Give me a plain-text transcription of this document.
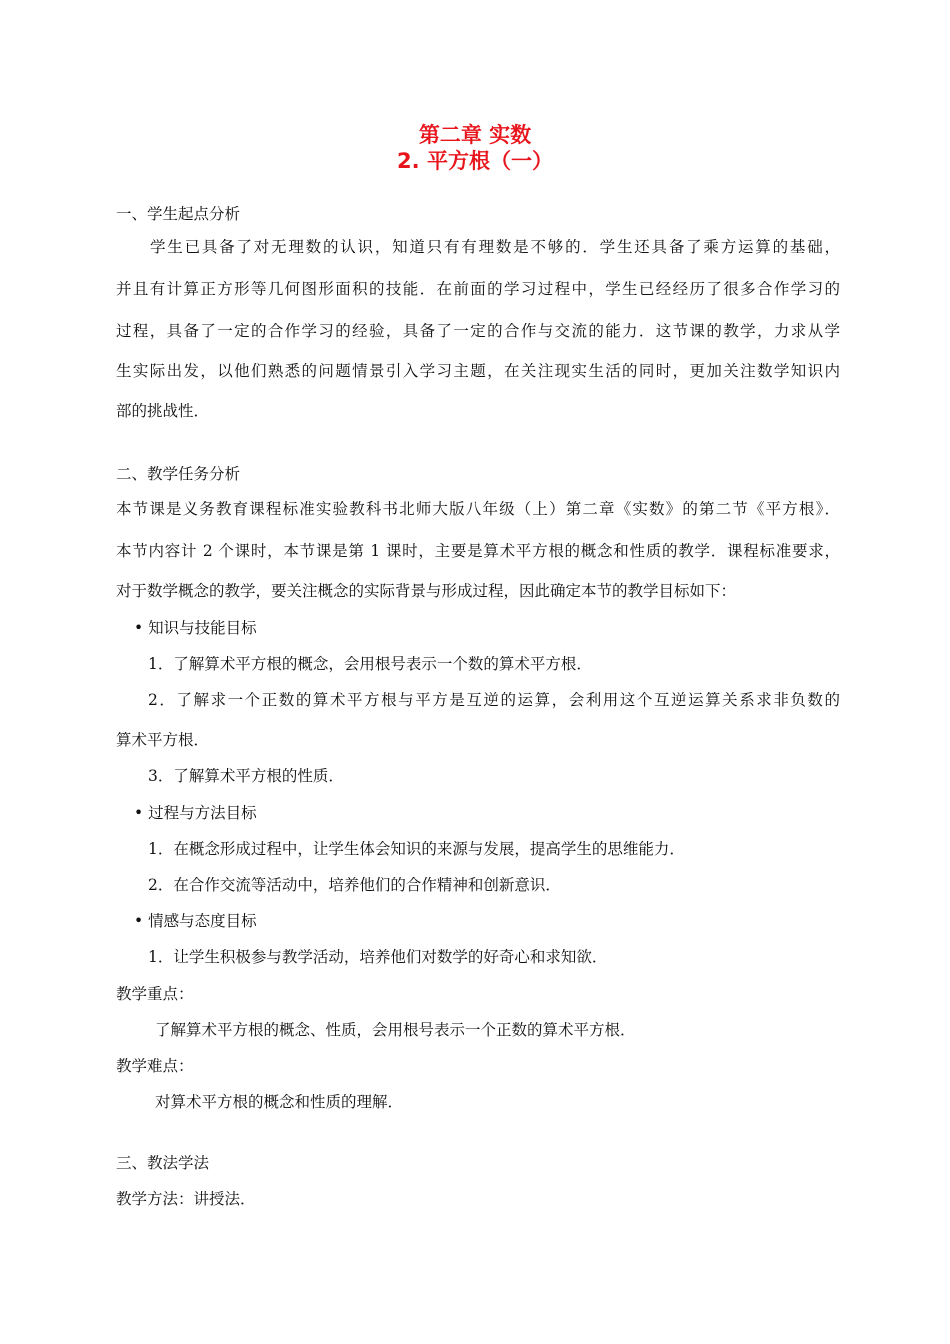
第二章 实数
2. 平方根（一）
一、学生起点分析
学生已具备了对无理数的认识，知道只有有理数是不够的．学生还具备了乘方运算的基础，
并且有计算正方形等几何图形面积的技能．在前面的学习过程中，学生已经经历了很多合作学习的
过程，具备了一定的合作学习的经验，具备了一定的合作与交流的能力．这节课的教学，力求从学
生实际出发，以他们熟悉的问题情景引入学习主题，在关注现实生活的同时，更加关注数学知识内
部的挑战性．
二、教学任务分析
本节课是义务教育课程标准实验教科书北师大版八年级（上）第二章《实数》的第二节《平方根》．
本节内容计 2 个课时，本节课是第 1 课时，主要是算术平方根的概念和性质的教学．课程标准要求，
对于数学概念的教学，要关注概念的实际背景与形成过程，因此确定本节的教学目标如下：
• 知识与技能目标
1．了解算术平方根的概念，会用根号表示一个数的算术平方根．
2．了解求一个正数的算术平方根与平方是互逆的运算，会利用这个互逆运算关系求非负数的
算术平方根．
3．了解算术平方根的性质．
• 过程与方法目标
1．在概念形成过程中，让学生体会知识的来源与发展，提高学生的思维能力．
2．在合作交流等活动中，培养他们的合作精神和创新意识．
• 情感与态度目标
1．让学生积极参与教学活动，培养他们对数学的好奇心和求知欲．
教学重点：
了解算术平方根的概念、性质，会用根号表示一个正数的算术平方根．
教学难点：
对算术平方根的概念和性质的理解．
三、教法学法
教学方法：讲授法．
